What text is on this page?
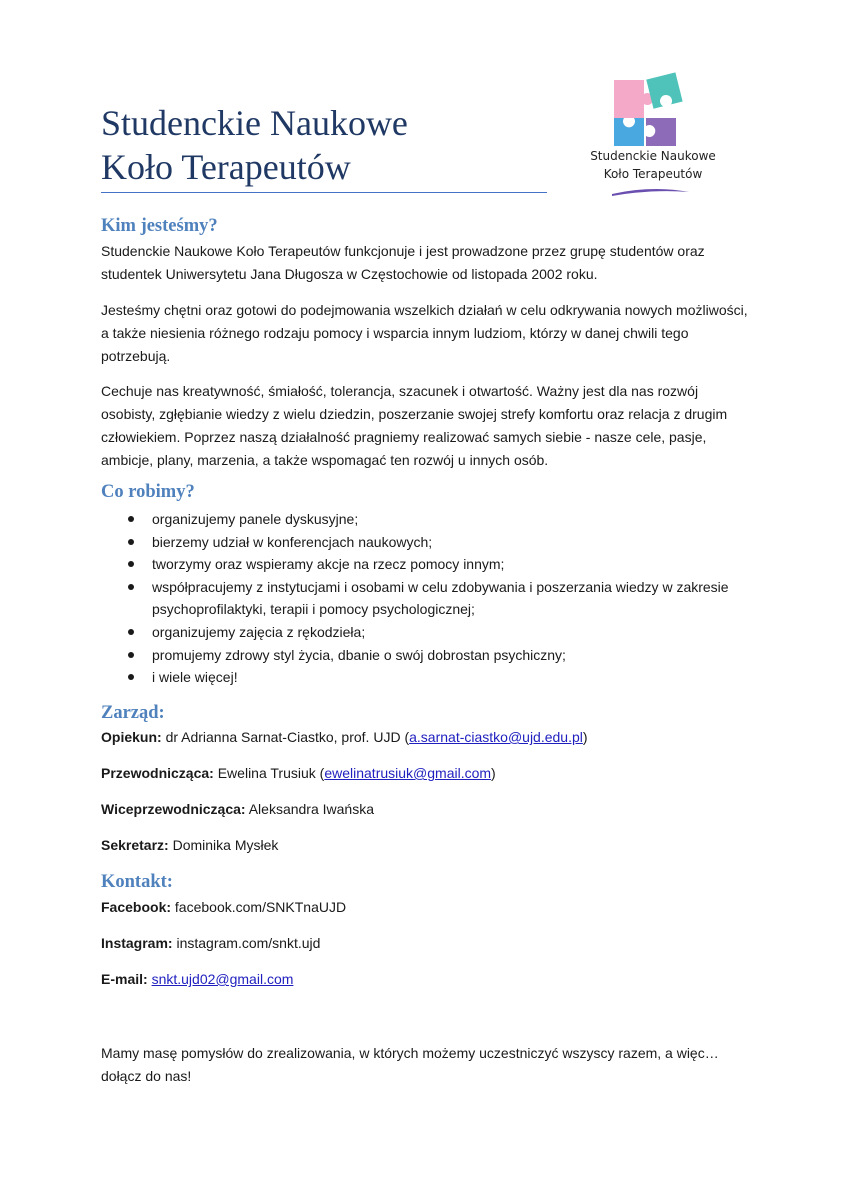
Studenckie Naukowe
Koło Terapeutów	Studenckie Naukowe
Koło Terapeutów
Kim jesteśmy?

Studenckie Naukowe Koło Terapeutów funkcjonuje i jest prowadzone przez grupę studentów oraz studentek Uniwersytetu Jana Długosza w Częstochowie od listopada 2002 roku.

Jesteśmy chętni oraz gotowi do podejmowania wszelkich działań w celu odkrywania nowych możliwości, a także niesienia różnego rodzaju pomocy i wsparcia innym ludziom, którzy w danej chwili tego potrzebują.

Cechuje nas kreatywność, śmiałość, tolerancja, szacunek i otwartość. Ważny jest dla nas rozwój osobisty, zgłębianie wiedzy z wielu dziedzin, poszerzanie swojej strefy komfortu oraz relacja z drugim człowiekiem. Poprzez naszą działalność pragniemy realizować samych siebie - nasze cele, pasje, ambicje, plany, marzenia, a także wspomagać ten rozwój u innych osób.

Co robimy?
organizujemy panele dyskusyjne;
bierzemy udział w konferencjach naukowych;
tworzymy oraz wspieramy akcje na rzecz pomocy innym;
współpracujemy z instytucjami i osobami w celu zdobywania i poszerzania wiedzy w zakresie psychoprofilaktyki, terapii i pomocy psychologicznej;
organizujemy zajęcia z rękodzieła;
promujemy zdrowy styl życia, dbanie o swój dobrostan psychiczny;
i wiele więcej!
Zarząd:

Opiekun: dr Adrianna Sarnat-Ciastko, prof. UJD (a.sarnat-ciastko@ujd.edu.pl)

Przewodnicząca: Ewelina Trusiuk (ewelinatrusiuk@gmail.com)

Wiceprzewodnicząca: Aleksandra Iwańska

Sekretarz: Dominika Mysłek

Kontakt:

Facebook: facebook.com/SNKTnaUJD

Instagram: instagram.com/snkt.ujd

E-mail: snkt.ujd02@gmail.com

Mamy masę pomysłów do zrealizowania, w których możemy uczestniczyć wszyscy razem, a więc… dołącz do nas!
